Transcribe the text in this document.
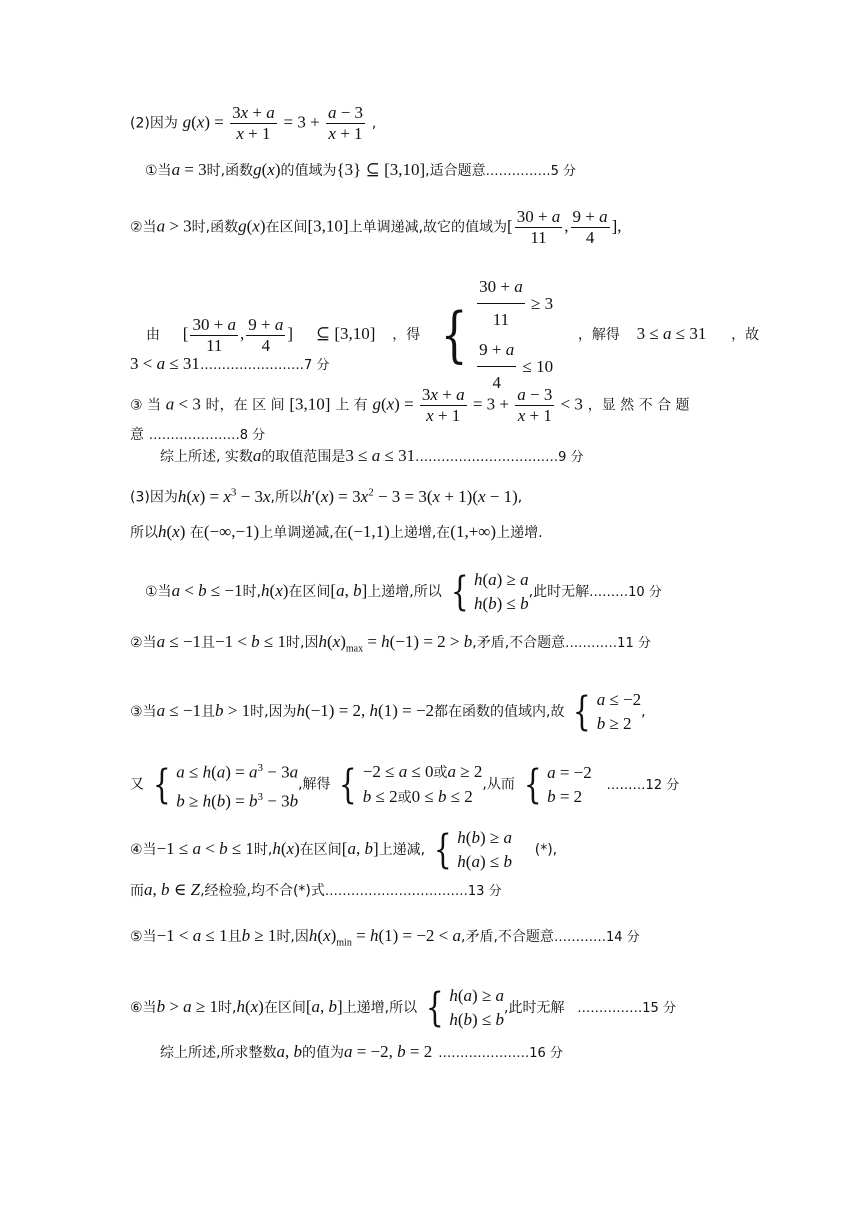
(2)因为 $g(x) = \frac{3x + a}{x + 1} = 3 + \frac{a - 3}{x + 1}$ ,
①当a = 3时,函数g(x)的值域为{3} ⊆ [3,10],适合题意……………5 分
②当a > 3时,函数g(x)在区间[3,10]上单调递减,故它的值域为[ $\frac{30 + a}{11}$ , $\frac{9 + a}{4}$ ],
由 [ $\frac{30 + a}{11}$ , $\frac{9 + a}{4}$ ] ⊆ [3,10] ，得 { $\frac{30 + a}{11} \ge 3$
$\frac{9 + a}{4} \le 10$
，解得 3 ≤ a ≤ 31 ，故
3 < a ≤ 31……………………7 分
③ 当 a < 3 时，在 区 间 [3,10] 上 有 $g(x) = \frac{3x + a}{x + 1} = 3 + \frac{a - 3}{x + 1} < 3$ ，显 然 不 合 题
意 …………………8 分
综上所述, 实数a的取值范围是3 ≤ a ≤ 31……………………………9 分
(3)因为$h(x) = x^3 - 3x$,所以$h'(x) = 3x^2 - 3 = 3(x + 1)(x - 1)$,
所以h(x) 在(−∞,−1)上单调递减,在(−1,1)上递增,在(1,+∞)上递增.
①当a < b ≤ −1时,h(x)在区间[a, b]上递增,所以 { h(a) ≥ a
h(b) ≤ b
,此时无解………10 分
②当a ≤ −1且−1 < b ≤ 1时,因$h(x)_{max} = h(-1) = 2 > b$,矛盾,不合题意…………11 分
③当a ≤ −1且b > 1时,因为h(−1) = 2, h(1) = −2都在函数的值域内,故 { a ≤ −2
b ≥ 2
,
又 { $a \le h(a) = a^3 - 3a$
$b \ge h(b) = b^3 - 3b$
,解得 { −2 ≤ a ≤ 0或a ≥ 2
b ≤ 2或0 ≤ b ≤ 2
,从而 { a = −2
b = 2
………12 分
④当−1 ≤ a < b ≤ 1时,h(x)在区间[a, b]上递减, { h(b) ≥ a
h(a) ≤ b
(*),
而a, b ∈ Z,经检验,均不合(*)式……………………………13 分
⑤当−1 < a ≤ 1且b ≥ 1时,因$h(x)_{min} = h(1) = -2 < a$,矛盾,不合题意…………14 分
⑥当b > a ≥ 1时,h(x)在区间[a, b]上递增,所以 { h(a) ≥ a
h(b) ≤ b
,此时无解 ……………15 分
综上所述,所求整数a, b的值为a = −2, b = 2 …………………16 分
